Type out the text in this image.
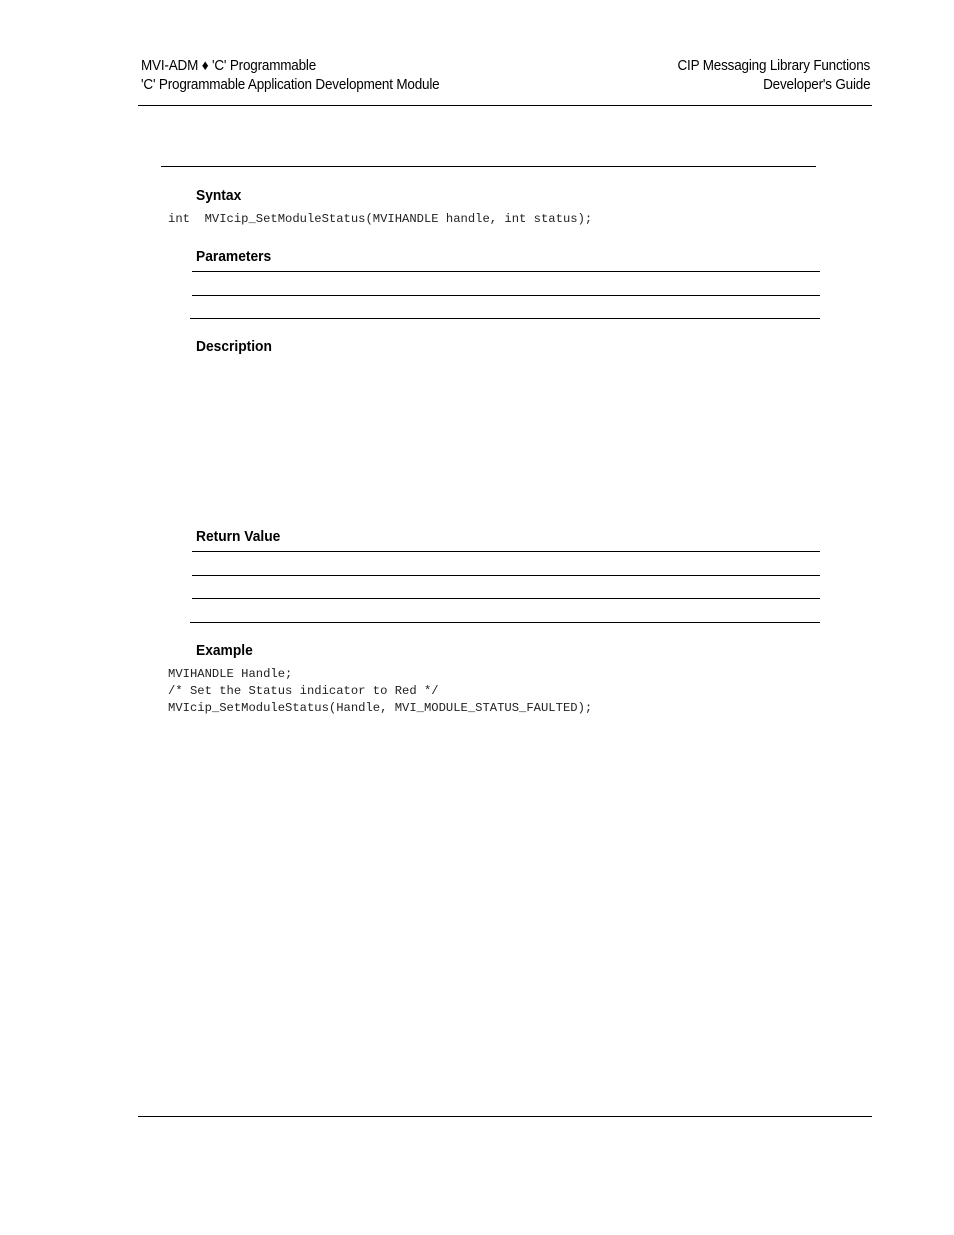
MVI-ADM ♦ 'C' Programmable
'C' Programmable Application Development Module
CIP Messaging Library Functions
Developer's Guide
Syntax
int  MVIcip_SetModuleStatus(MVIHANDLE handle, int status);
Parameters
Description
Return Value
Example
MVIHANDLE Handle;
/* Set the Status indicator to Red */
MVIcip_SetModuleStatus(Handle, MVI_MODULE_STATUS_FAULTED);
